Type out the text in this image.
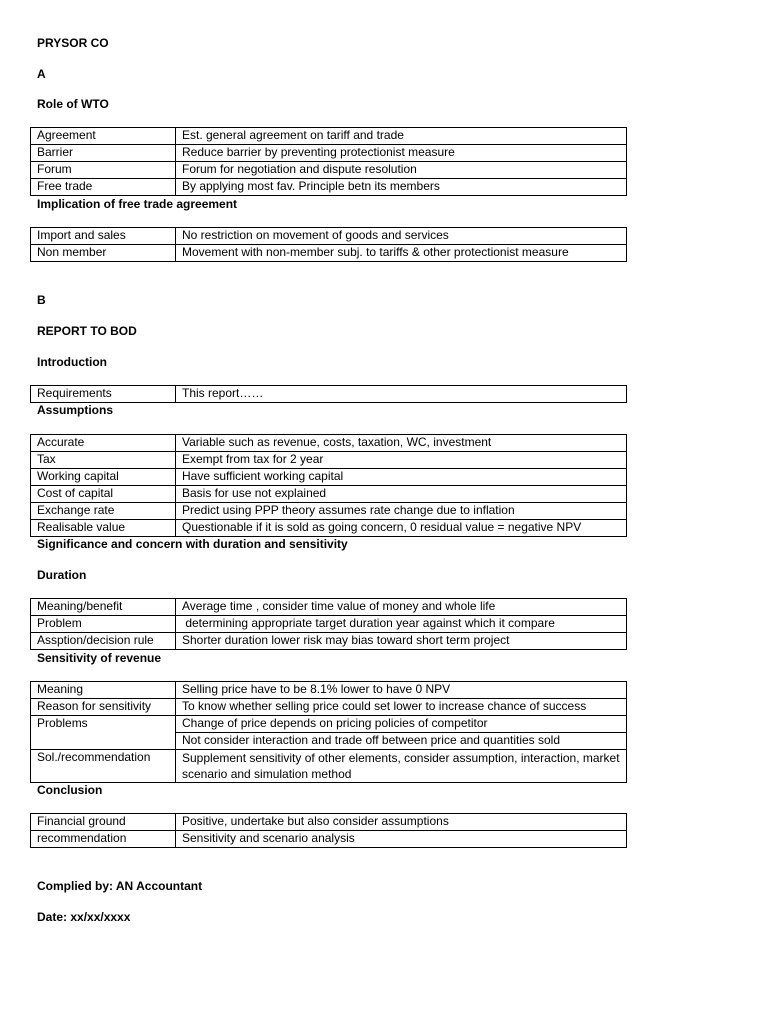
PRYSOR CO
A
Role of WTO
Agreement	Est. general agreement on tariff and trade
Barrier	Reduce barrier by preventing protectionist measure
Forum	Forum for negotiation and dispute resolution
Free trade	By applying most fav. Principle betn its members
Implication of free trade agreement
Import and sales	No restriction on movement of goods and services
Non member	Movement with non-member subj. to tariffs & other protectionist measure
B
REPORT TO BOD
Introduction
Requirements	This report……
Assumptions
Accurate	Variable such as revenue, costs, taxation, WC, investment
Tax	Exempt from tax for 2 year
Working capital	Have sufficient working capital
Cost of capital	Basis for use not explained
Exchange rate	Predict using PPP theory assumes rate change due to inflation
Realisable value	Questionable if it is sold as going concern, 0 residual value = negative NPV
Significance and concern with duration and sensitivity
Duration
Meaning/benefit	Average time , consider time value of money and whole life
Problem	determining appropriate target duration year against which it compare
Assption/decision rule	Shorter duration lower risk may bias toward short term project
Sensitivity of revenue
Meaning	Selling price have to be 8.1% lower to have 0 NPV
Reason for sensitivity	To know whether selling price could set lower to increase chance of success
Problems	Change of price depends on pricing policies of competitor
	Not consider interaction and trade off between price and quantities sold
Sol./recommendation	Supplement sensitivity of other elements, consider assumption, interaction, market scenario and simulation method
Conclusion
Financial ground	Positive, undertake but also consider assumptions
recommendation	Sensitivity and scenario analysis
Complied by: AN Accountant
Date: xx/xx/xxxx
